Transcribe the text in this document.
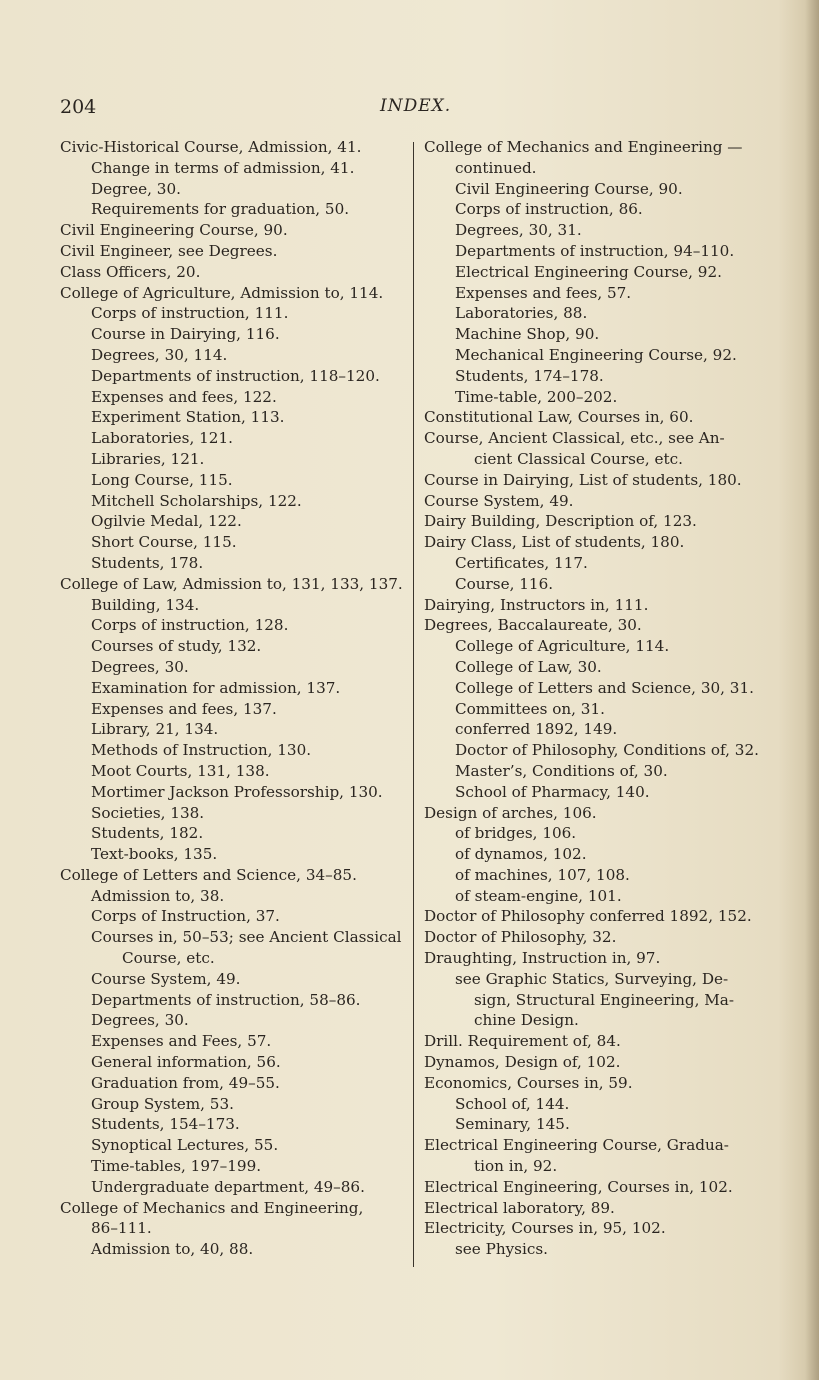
204	INDEX.
Civic-Historical Course, Admission, 41.
Change in terms of admission, 41.
Degree, 30.
Requirements for graduation, 50.
Civil Engineering Course, 90.
Civil Engineer, see Degrees.
Class Officers, 20.
College of Agriculture, Admission to, 114.
Corps of instruction, 111.
Course in Dairying, 116.
Degrees, 30, 114.
Departments of instruction, 118–120.
Expenses and fees, 122.
Experiment Station, 113.
Laboratories, 121.
Libraries, 121.
Long Course, 115.
Mitchell Scholarships, 122.
Ogilvie Medal, 122.
Short Course, 115.
Students, 178.
College of Law, Admission to, 131, 133, 137.
Building, 134.
Corps of instruction, 128.
Courses of study, 132.
Degrees, 30.
Examination for admission, 137.
Expenses and fees, 137.
Library, 21, 134.
Methods of Instruction, 130.
Moot Courts, 131, 138.
Mortimer Jackson Professorship, 130.
Societies, 138.
Students, 182.
Text-books, 135.
College of Letters and Science, 34–85.
Admission to, 38.
Corps of Instruction, 37.
Courses in, 50–53; see Ancient Classical
Course, etc.
Course System, 49.
Departments of instruction, 58–86.
Degrees, 30.
Expenses and Fees, 57.
General information, 56.
Graduation from, 49–55.
Group System, 53.
Students, 154–173.
Synoptical Lectures, 55.
Time-tables, 197–199.
Undergraduate department, 49–86.
College of Mechanics and Engineering,
86–111.
Admission to, 40, 88.
College of Mechanics and Engineering —
continued.
Civil Engineering Course, 90.
Corps of instruction, 86.
Degrees, 30, 31.
Departments of instruction, 94–110.
Electrical Engineering Course, 92.
Expenses and fees, 57.
Laboratories, 88.
Machine Shop, 90.
Mechanical Engineering Course, 92.
Students, 174–178.
Time-table, 200–202.
Constitutional Law, Courses in, 60.
Course, Ancient Classical, etc., see An-
cient Classical Course, etc.
Course in Dairying, List of students, 180.
Course System, 49.
Dairy Building, Description of, 123.
Dairy Class, List of students, 180.
Certificates, 117.
Course, 116.
Dairying, Instructors in, 111.
Degrees, Baccalaureate, 30.
College of Agriculture, 114.
College of Law, 30.
College of Letters and Science, 30, 31.
Committees on, 31.
conferred 1892, 149.
Doctor of Philosophy, Conditions of, 32.
Master’s, Conditions of, 30.
School of Pharmacy, 140.
Design of arches, 106.
of bridges, 106.
of dynamos, 102.
of machines, 107, 108.
of steam-engine, 101.
Doctor of Philosophy conferred 1892, 152.
Doctor of Philosophy, 32.
Draughting, Instruction in, 97.
see Graphic Statics, Surveying, De-
sign, Structural Engineering, Ma-
chine Design.
Drill. Requirement of, 84.
Dynamos, Design of, 102.
Economics, Courses in, 59.
School of, 144.
Seminary, 145.
Electrical Engineering Course, Gradua-
tion in, 92.
Electrical Engineering, Courses in, 102.
Electrical laboratory, 89.
Electricity, Courses in, 95, 102.
see Physics.
